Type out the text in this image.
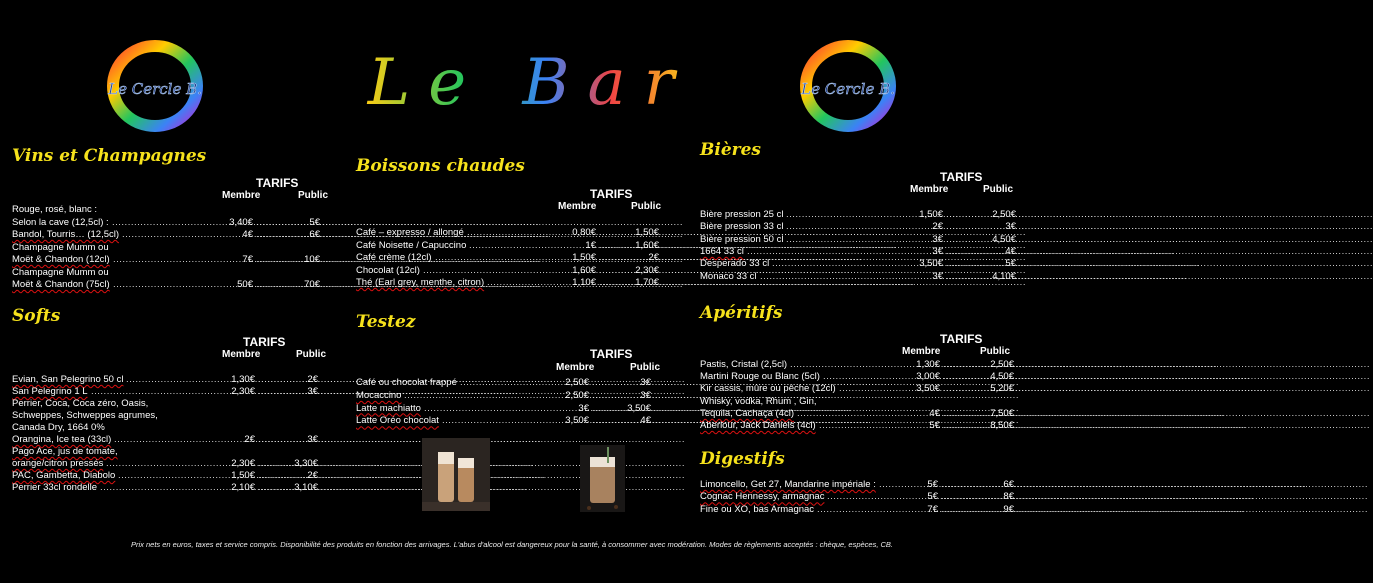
Le Cercle B.	Le Cercle B.
Le Bar
Vins et Champagnes
Softs
Boissons chaudes
Testez
Bières
Apéritifs
Digestifs
TARIFS
Membre	Public
TARIFS
Membre	Public
TARIFS
Membre	Public
TARIFS
Membre	Public
TARIFS
Membre	Public
TARIFS
Membre	Public
Rouge, rosé, blanc :
Selon la cave (12,5cl) : .....	3,40€ .....	5€
Bandol, Tourris… (12,5cl) .....	4€ .....	6€
Champagne Mumm ou
Moët & Chandon (12cl) .....	7€ .....	10€
Champagne Mumm ou
Moët & Chandon (75cl) .....	50€ .....	70€
Evian, San Pelegrino 50 cl .....	1,30€ .....	2€
San Pelegrino 1 L .....	2,30€ .....	3€
Perrier, Coca, Coca zéro, Oasis,
Schweppes, Schweppes agrumes,
Canada Dry, 1664 0%
Orangina, Ice tea (33cl) .....	2€ .....	3€
Pago Ace, jus de tomate,
orange/citron pressés .....	2,30€ .....	3,30€
PAC, Gambetta, Diabolo .....	1,50€ .....	2€
Perrier 33cl rondelle .....	2,10€ .....	3,10€
Café – expresso / allongé .....	0,80€ .....	1,50€
Café Noisette / Capuccino .....	1€ .....	1,60€
Café crème (12cl) .....	1,50€ .....	2€
Chocolat (12cl) .....	1,60€ .....	2,30€
Thé (Earl grey, menthe, citron) .....	1,10€ .....	1,70€
Café ou chocolat frappé .....	2,50€ .....	3€
Mocaccino .....	2,50€ .....	3€
Latte machiatto .....	3€ .....	3,50€
Latte Oréo chocolat .....	3,50€ .....	4€
Bière pression 25 cl .....	1,50€ .....	2,50€
Bière pression 33 cl .....	2€ .....	3€
Bière pression 50 cl .....	3€ .....	4,50€
1664 33 cl .....	3€ .....	4€
Desperado 33 cl .....	3,50€ .....	5€
Monaco 33 cl .....	3€ .....	4,10€
Pastis, Cristal (2,5cl) .....	1,30€ .....	2,50€
Martini Rouge ou Blanc (5cl) .....	3,00€ .....	4,50€
Kir cassis, mûre ou pêche (12cl) .....	3,50€ .....	5,20€
Whisky, vodka, Rhum , Gin,
Tequila, Cachaça (4cl) .....	4€ .....	7,50€
Aberlour, Jack Daniels (4cl) .....	5€ .....	8,50€
Limoncello, Get 27, Mandarine impériale : .....	5€ .....	6€
Cognac Hennessy, armagnac .....	5€ .....	8€
Fine ou XO, bas Armagnac .....	7€ .....	9€
Prix nets en euros, taxes et service compris. Disponibilité des produits en fonction des arrivages. L'abus d'alcool est dangereux pour la santé, à consommer avec modération. Modes de règlements acceptés : chèque, espèces, CB.
